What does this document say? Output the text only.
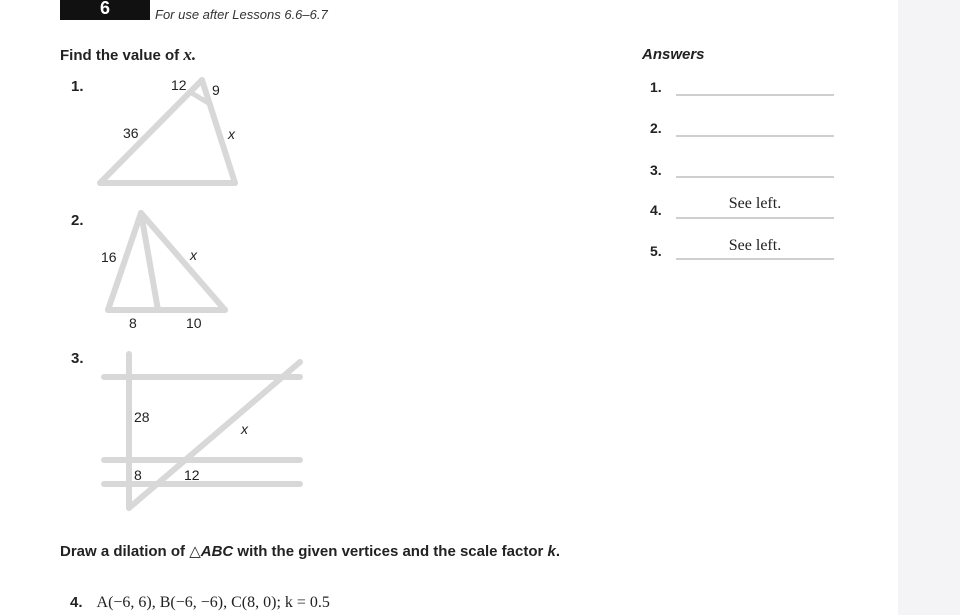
6	For use after Lessons 6.6–6.7
Find the value of x.
1.
2.
3.
12 9
36	x
16	x
8	10
28
x
8	12
Answers
1.
2.
3.
4.	See left.
5.	See left.
Draw a dilation of △ABC with the given vertices and the scale factor k.
4. A(−6, 6), B(−6, −6), C(8, 0); k = 0.5
